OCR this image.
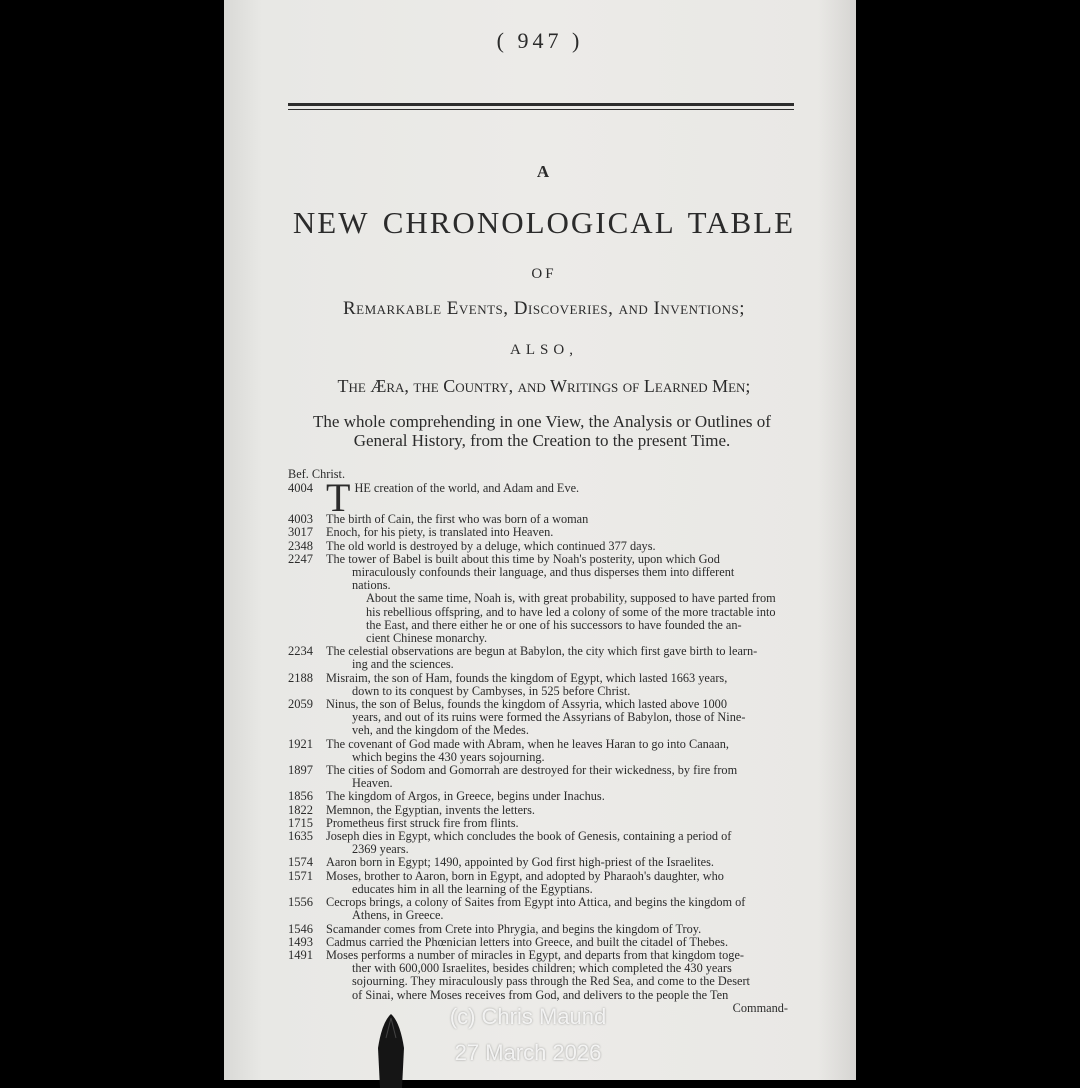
( 947 )
A
NEW CHRONOLOGICAL TABLE
OF
Remarkable Events, Discoveries, and Inventions;
ALSO,
The Æra, the Country, and Writings of Learned Men;
The whole comprehending in one View, the Analysis or Outlines of
General History, from the Creation to the present Time.
Bef. Christ.
4004 THE creation of the world, and Adam and Eve.
4003	The birth of Cain, the first who was born of a woman
3017	Enoch, for his piety, is translated into Heaven.
2348	The old world is destroyed by a deluge, which continued 377 days.
2247	The tower of Babel is built about this time by Noah's posterity, upon which God
miraculously confounds their language, and thus disperses them into different
nations.
About the same time, Noah is, with great probability, supposed to have parted from
his rebellious offspring, and to have led a colony of some of the more tractable into
the East, and there either he or one of his successors to have founded the an-
cient Chinese monarchy.
2234	The celestial observations are begun at Babylon, the city which first gave birth to learn-
ing and the sciences.
2188	Misraim, the son of Ham, founds the kingdom of Egypt, which lasted 1663 years,
down to its conquest by Cambyses, in 525 before Christ.
2059	Ninus, the son of Belus, founds the kingdom of Assyria, which lasted above 1000
years, and out of its ruins were formed the Assyrians of Babylon, those of Nine-
veh, and the kingdom of the Medes.
1921	The covenant of God made with Abram, when he leaves Haran to go into Canaan,
which begins the 430 years sojourning.
1897	The cities of Sodom and Gomorrah are destroyed for their wickedness, by fire from
Heaven.
1856	The kingdom of Argos, in Greece, begins under Inachus.
1822	Memnon, the Egyptian, invents the letters.
1715	Prometheus first struck fire from flints.
1635	Joseph dies in Egypt, which concludes the book of Genesis, containing a period of
2369 years.
1574	Aaron born in Egypt; 1490, appointed by God first high-priest of the Israelites.
1571	Moses, brother to Aaron, born in Egypt, and adopted by Pharaoh's daughter, who
educates him in all the learning of the Egyptians.
1556	Cecrops brings, a colony of Saites from Egypt into Attica, and begins the kingdom of
Athens, in Greece.
1546	Scamander comes from Crete into Phrygia, and begins the kingdom of Troy.
1493	Cadmus carried the Phœnician letters into Greece, and built the citadel of Thebes.
1491	Moses performs a number of miracles in Egypt, and departs from that kingdom toge-
ther with 600,000 Israelites, besides children; which completed the 430 years
sojourning. They miraculously pass through the Red Sea, and come to the Desert
of Sinai, where Moses receives from God, and delivers to the people the Ten
Command-
(c) Chris Maund
27 March 2026
